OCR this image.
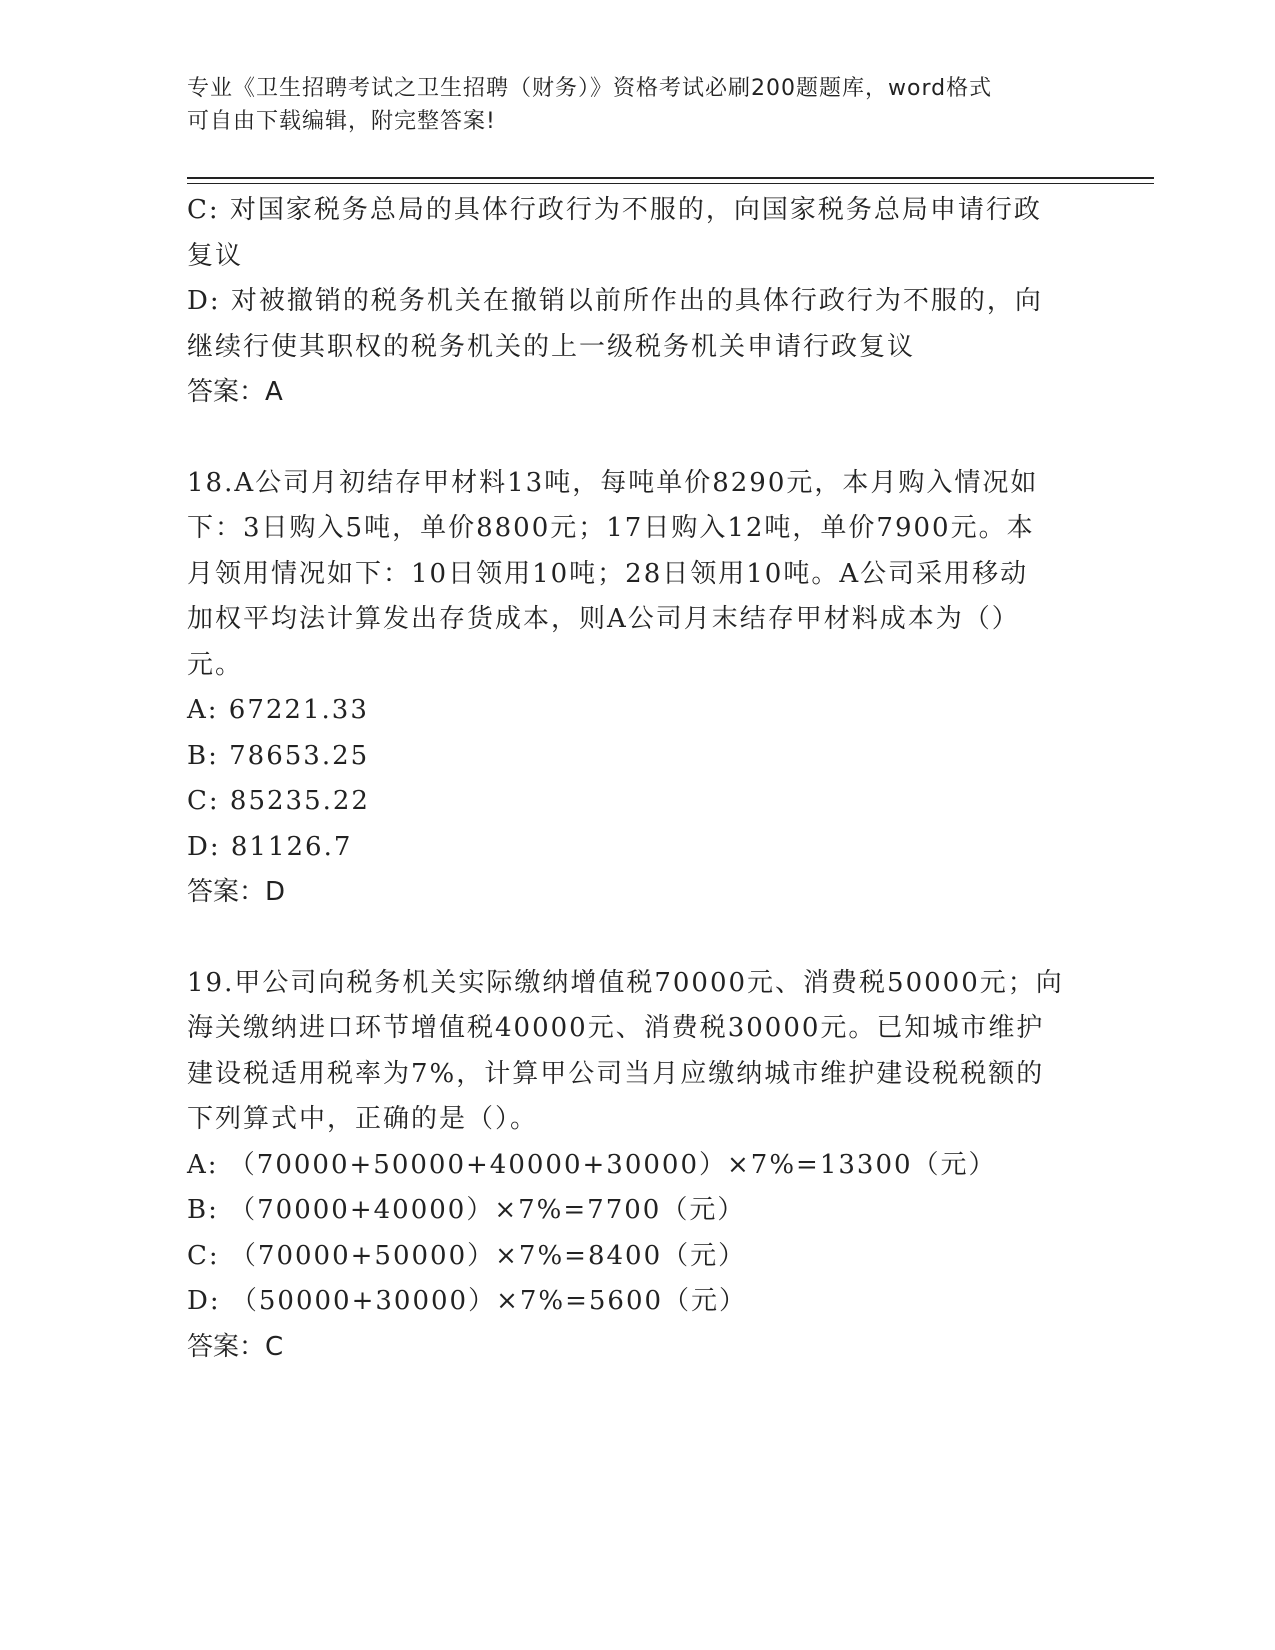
专业《卫生招聘考试之卫生招聘（财务）》资格考试必刷200题题库，word格式
可自由下载编辑，附完整答案!
C: 对国家税务总局的具体行政行为不服的，向国家税务总局申请行政
复议
D: 对被撤销的税务机关在撤销以前所作出的具体行政行为不服的，向
继续行使其职权的税务机关的上一级税务机关申请行政复议
答案：A
18.A公司月初结存甲材料13吨，每吨单价8290元，本月购入情况如
下：3日购入5吨，单价8800元；17日购入12吨，单价7900元。本
月领用情况如下：10日领用10吨；28日领用10吨。A公司采用移动
加权平均法计算发出存货成本，则A公司月末结存甲材料成本为（）
元。
A: 67221.33
B: 78653.25
C: 85235.22
D: 81126.7
答案：D
19.甲公司向税务机关实际缴纳增值税70000元、消费税50000元；向
海关缴纳进口环节增值税40000元、消费税30000元。已知城市维护
建设税适用税率为7%，计算甲公司当月应缴纳城市维护建设税税额的
下列算式中，正确的是（）。
A: （70000+50000+40000+30000）×7%=13300（元）
B: （70000+40000）×7%=7700（元）
C: （70000+50000）×7%=8400（元）
D: （50000+30000）×7%=5600（元）
答案：C
